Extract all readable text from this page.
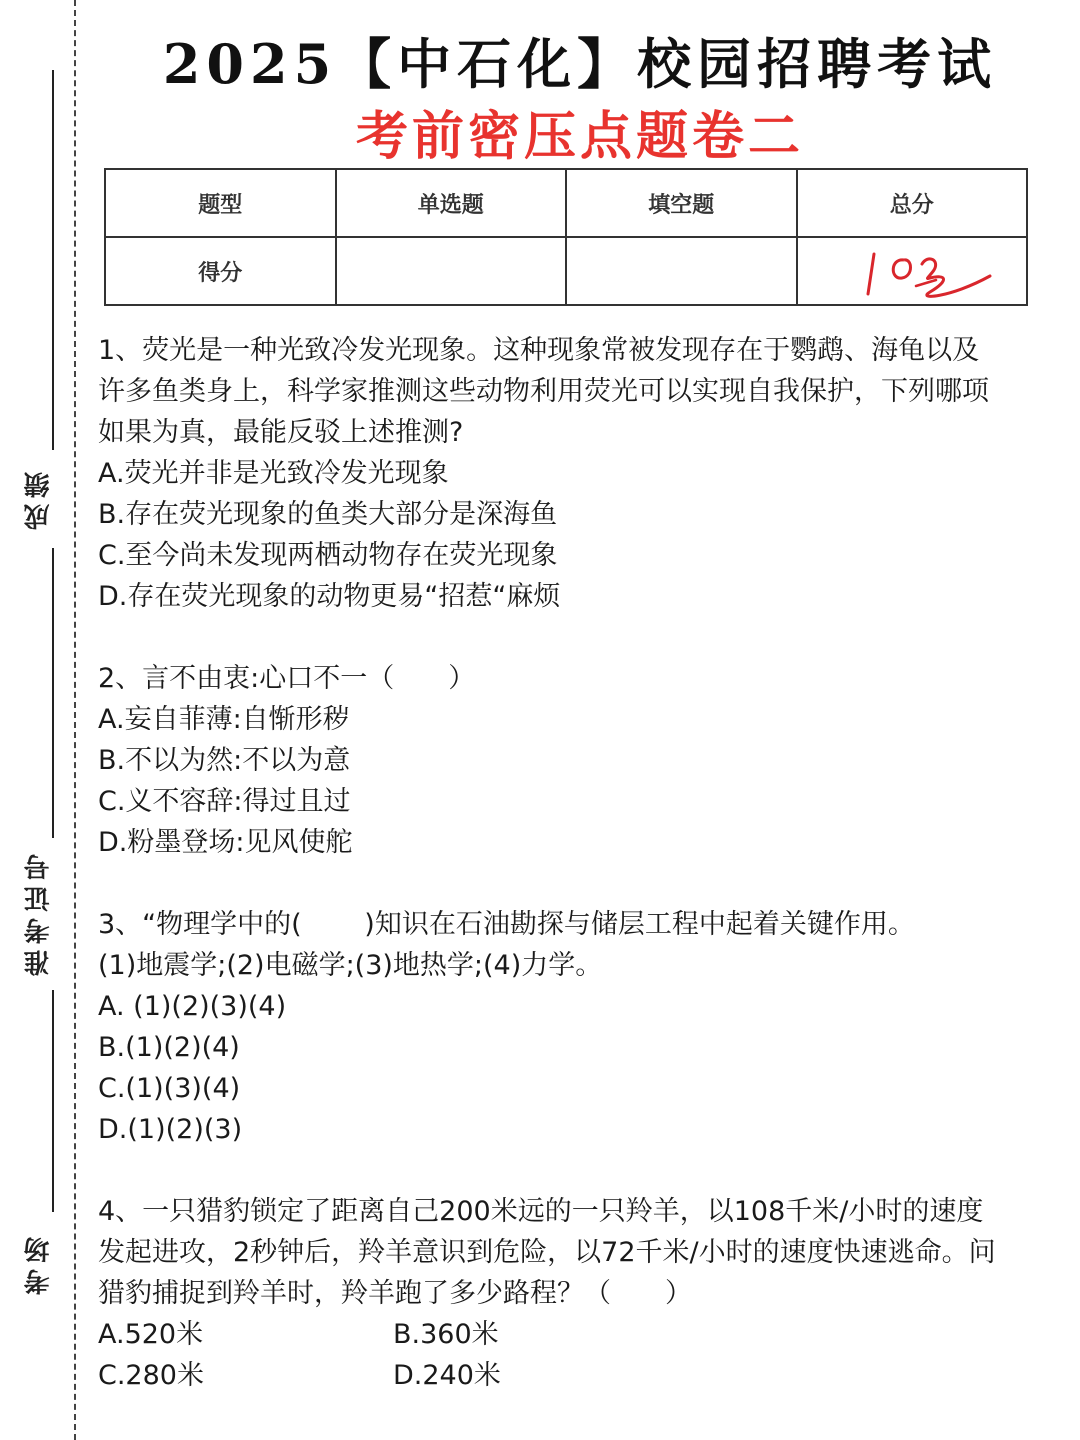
成绩
准考证号
考场
2025【中石化】校园招聘考试
考前密压点题卷二
题型	单选题	填空题	总分
得分			

1、荧光是一种光致冷发光现象。这种现象常被发现存在于鹦鹉、海龟以及

许多鱼类身上，科学家推测这些动物利用荧光可以实现自我保护，下列哪项

如果为真，最能反驳上述推测?

A.荧光并非是光致冷发光现象

B.存在荧光现象的鱼类大部分是深海鱼

C.至今尚未发现两栖动物存在荧光现象

D.存在荧光现象的动物更易“招惹“麻烦

2、言不由衷:心口不一（　　）

A.妄自菲薄:自惭形秽

B.不以为然:不以为意

C.义不容辞:得过且过

D.粉墨登场:见风使舵

3、“物理学中的(　　 )知识在石油勘探与储层工程中起着关键作用。

(1)地震学;(2)电磁学;(3)地热学;(4)力学。

A. (1)(2)(3)(4)

B.(1)(2)(4)

C.(1)(3)(4)

D.(1)(2)(3)

4、一只猎豹锁定了距离自己200米远的一只羚羊，以108千米/小时的速度

发起进攻，2秒钟后，羚羊意识到危险，以72千米/小时的速度快速逃命。问

猎豹捕捉到羚羊时，羚羊跑了多少路程？（　　）

A.520米	B.360米
C.280米	D.240米
